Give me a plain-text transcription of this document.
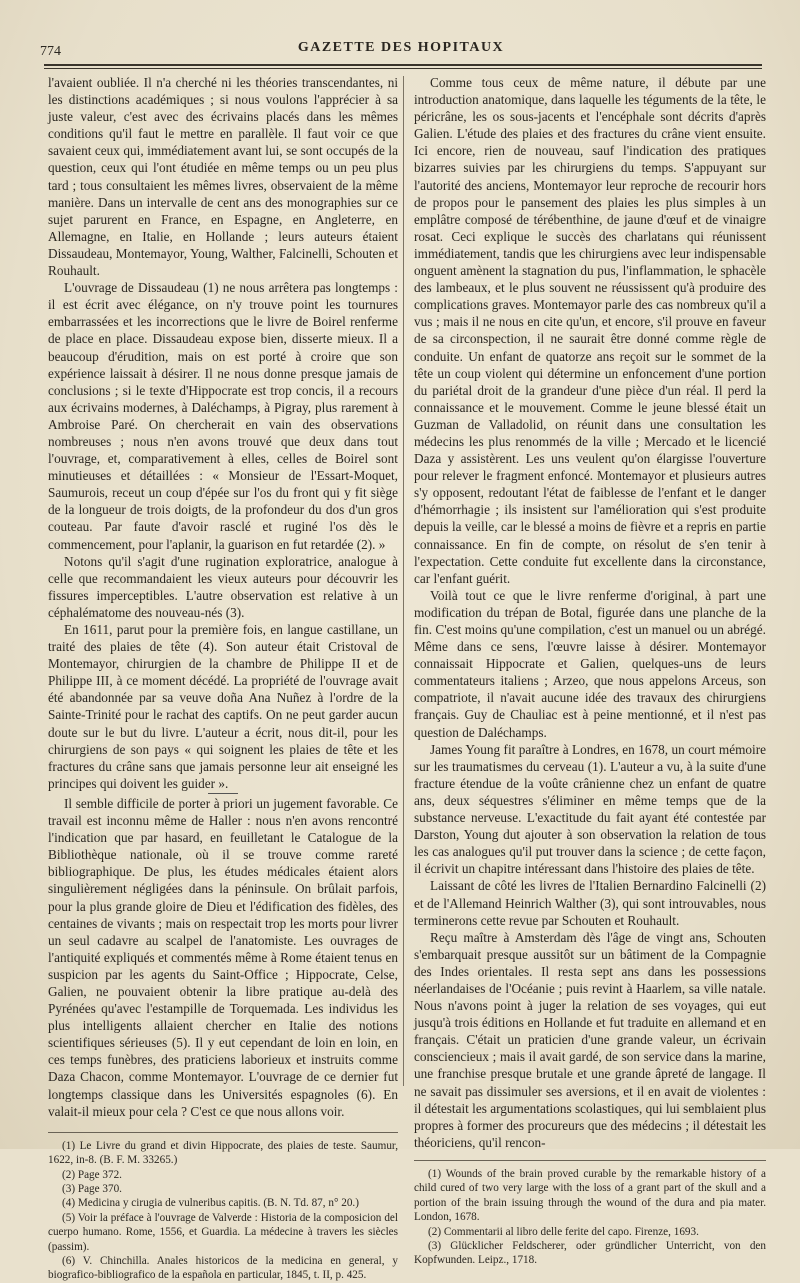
774	GAZETTE DES HOPITAUX

l'avaient oubliée. Il n'a cherché ni les théories transcendantes, ni les distinctions académiques ; si nous voulons l'apprécier à sa juste valeur, c'est avec des écrivains placés dans les mêmes conditions qu'il faut le mettre en parallèle. Il faut voir ce que savaient ceux qui, immédiatement avant lui, se sont occupés de la question, ceux qui l'ont étudiée en même temps ou un peu plus tard ; tous consultaient les mêmes livres, observaient de la même manière. Dans un intervalle de cent ans des monographies sur ce sujet parurent en France, en Espagne, en Angleterre, en Allemagne, en Italie, en Hollande ; leurs auteurs étaient Dissaudeau, Montemayor, Young, Walther, Falcinelli, Schouten et Rouhault.

L'ouvrage de Dissaudeau (1) ne nous arrêtera pas longtemps : il est écrit avec élégance, on n'y trouve point les tournures embarrassées et les incorrections que le livre de Boirel renferme de place en place. Dissaudeau expose bien, disserte mieux. Il a beaucoup d'érudition, mais on est porté à croire que son expérience laissait à désirer. Il ne nous donne presque jamais de conclusions ; si le texte d'Hippocrate est trop concis, il a recours aux écrivains modernes, à Daléchamps, à Pigray, plus rarement à Ambroise Paré. On chercherait en vain des observations nombreuses ; nous n'en avons trouvé que deux dans tout l'ouvrage, et, comparativement à elles, celles de Boirel sont minutieuses et détaillées : « Monsieur de l'Essart-Moquet, Saumurois, receut un coup d'épée sur l'os du front qui y fit siège de la longueur de trois doigts, de la profondeur du dos d'un gros couteau. Par faute d'avoir rasclé et ruginé l'os dès le commencement, pour l'aplanir, la guarison en fut retardée (2). »

Notons qu'il s'agit d'une rugination exploratrice, analogue à celle que recommandaient les vieux auteurs pour découvrir les fissures imperceptibles. L'autre observation est relative à un céphalématome des nouveau-nés (3).

En 1611, parut pour la première fois, en langue castillane, un traité des plaies de tête (4). Son auteur était Cristoval de Montemayor, chirurgien de la chambre de Philippe II et de Philippe III, à ce moment décédé. La propriété de l'ouvrage avait été abandonnée par sa veuve doña Ana Nuñez à l'ordre de la Sainte-Trinité pour le rachat des captifs. On ne peut garder aucun doute sur le but du livre. L'auteur a écrit, nous dit-il, pour les chirurgiens de son pays « qui soignent les plaies de tête et les fractures du crâne sans que jamais personne leur ait enseigné les principes qui doivent les guider ».

Il semble difficile de porter à priori un jugement favorable. Ce travail est inconnu même de Haller : nous n'en avons rencontré l'indication que par hasard, en feuilletant le Catalogue de la Bibliothèque nationale, où il se trouve comme rareté bibliographique. De plus, les études médicales étaient alors singulièrement négligées dans la péninsule. On brûlait parfois, pour la plus grande gloire de Dieu et l'édification des fidèles, des centaines de vivants ; mais on respectait trop les morts pour livrer un seul cadavre au scalpel de l'anatomiste. Les ouvrages de l'antiquité expliqués et commentés même à Rome étaient tenus en suspicion par les agents du Saint-Office ; Hippocrate, Celse, Galien, ne pouvaient obtenir la libre pratique au-delà des Pyrénées qu'avec l'estampille de Torquemada. Les individus les plus intelligents allaient chercher en Italie des notions scientifiques sérieuses (5). Il y eut cependant de loin en loin, en ces temps funèbres, des praticiens laborieux et instruits comme Daza Chacon, comme Montemayor. L'ouvrage de ce dernier fut longtemps classique dans les Universités espagnoles (6). En valait-il mieux pour cela ? C'est ce que nous allons voir.

(1) Le Livre du grand et divin Hippocrate, des plaies de teste. Saumur, 1622, in-8. (B. F. M. 33265.)
(2) Page 372.
(3) Page 370.
(4) Medicina y cirugia de vulneribus capitis. (B. N. Td. 87, n° 20.)
(5) Voir la préface à l'ouvrage de Valverde : Historia de la composicion del cuerpo humano. Rome, 1556, et Guardia. La médecine à travers les siècles (passim).
(6) V. Chinchilla. Anales historicos de la medicina en general, y biografico-bibliografico de la española en particular, 1845, t. II, p. 425.

Comme tous ceux de même nature, il débute par une introduction anatomique, dans laquelle les téguments de la tête, le péricrâne, les os sous-jacents et l'encéphale sont décrits d'après Galien. L'étude des plaies et des fractures du crâne vient ensuite. Ici encore, rien de nouveau, sauf l'indication des pratiques bizarres suivies par les chirurgiens du temps. S'appuyant sur l'autorité des anciens, Montemayor leur reproche de recourir hors de propos pour le pansement des plaies les plus simples à un emplâtre composé de térébenthine, de jaune d'œuf et de vinaigre rosat. Ceci explique le succès des charlatans qui réunissent immédiatement, tandis que les chirurgiens avec leur indispensable onguent amènent la stagnation du pus, l'inflammation, le sphacèle des lambeaux, et le plus souvent ne réussissent qu'à produire des complications graves. Montemayor parle des cas nombreux qu'il a vus ; mais il ne nous en cite qu'un, et encore, s'il prouve en faveur de sa circonspection, il ne saurait être donné comme règle de conduite. Un enfant de quatorze ans reçoit sur le sommet de la tête un coup violent qui détermine un enfoncement d'une portion du pariétal droit de la grandeur d'une pièce d'un réal. Il perd la connaissance et le mouvement. Comme le jeune blessé était un Guzman de Valladolid, on réunit dans une consultation les médecins les plus renommés de la ville ; Mercado et le licencié Daza y assistèrent. Les uns veulent qu'on élargisse l'ouverture pour relever le fragment enfoncé. Montemayor et plusieurs autres s'y opposent, redoutant l'état de faiblesse de l'enfant et le danger d'hémorrhagie ; ils insistent sur l'amélioration qui s'est produite depuis la veille, car le blessé a moins de fièvre et a repris en partie connaissance. En fin de compte, on résolut de s'en tenir à l'expectation. Cette conduite fut excellente dans la circonstance, car l'enfant guérit.

Voilà tout ce que le livre renferme d'original, à part une modification du trépan de Botal, figurée dans une planche de la fin. C'est moins qu'une compilation, c'est un manuel ou un abrégé. Même dans ce sens, l'œuvre laisse à désirer. Montemayor connaissait Hippocrate et Galien, quelques-uns de leurs commentateurs italiens ; Arzeo, que nous appelons Arceus, son compatriote, il n'avait aucune idée des travaux des chirurgiens français. Guy de Chauliac est à peine mentionné, et il n'est pas question de Daléchamps.

James Young fit paraître à Londres, en 1678, un court mémoire sur les traumatismes du cerveau (1). L'auteur a vu, à la suite d'une fracture étendue de la voûte crânienne chez un enfant de quatre ans, deux séquestres s'éliminer en même temps que de la substance nerveuse. L'exactitude du fait ayant été contestée par Darston, Young dut ajouter à son observation la relation de tous les cas analogues qu'il put trouver dans la science ; de cette façon, il écrivit un chapitre intéressant dans l'histoire des plaies de tête.

Laissant de côté les livres de l'Italien Bernardino Falcinelli (2) et de l'Allemand Heinrich Walther (3), qui sont introuvables, nous terminerons cette revue par Schouten et Rouhault.

Reçu maître à Amsterdam dès l'âge de vingt ans, Schouten s'embarquait presque aussitôt sur un bâtiment de la Compagnie des Indes orientales. Il resta sept ans dans les possessions néerlandaises de l'Océanie ; puis revint à Haarlem, sa ville natale. Nous n'avons point à juger la relation de ses voyages, qui eut jusqu'à trois éditions en Hollande et fut traduite en allemand et en français. C'était un praticien d'une grande valeur, un écrivain consciencieux ; mais il avait gardé, de son service dans la marine, une franchise presque brutale et une grande âpreté de langage. Il ne savait pas dissimuler ses aversions, et il en avait de violentes : il détestait les argumentations scolastiques, qui lui semblaient plus propres à former des procureurs que des médecins ; il détestait les théoriciens, qu'il rencon-

(1) Wounds of the brain proved curable by the remarkable history of a child cured of two very large with the loss of a grant part of the skull and a portion of the brain issuing through the wound of the dura and pia mater. London, 1678.
(2) Commentarii al libro delle ferite del capo. Firenze, 1693.
(3) Glücklicher Feldscherer, oder gründlicher Unterricht, von den Kopfwunden. Leipz., 1718.
